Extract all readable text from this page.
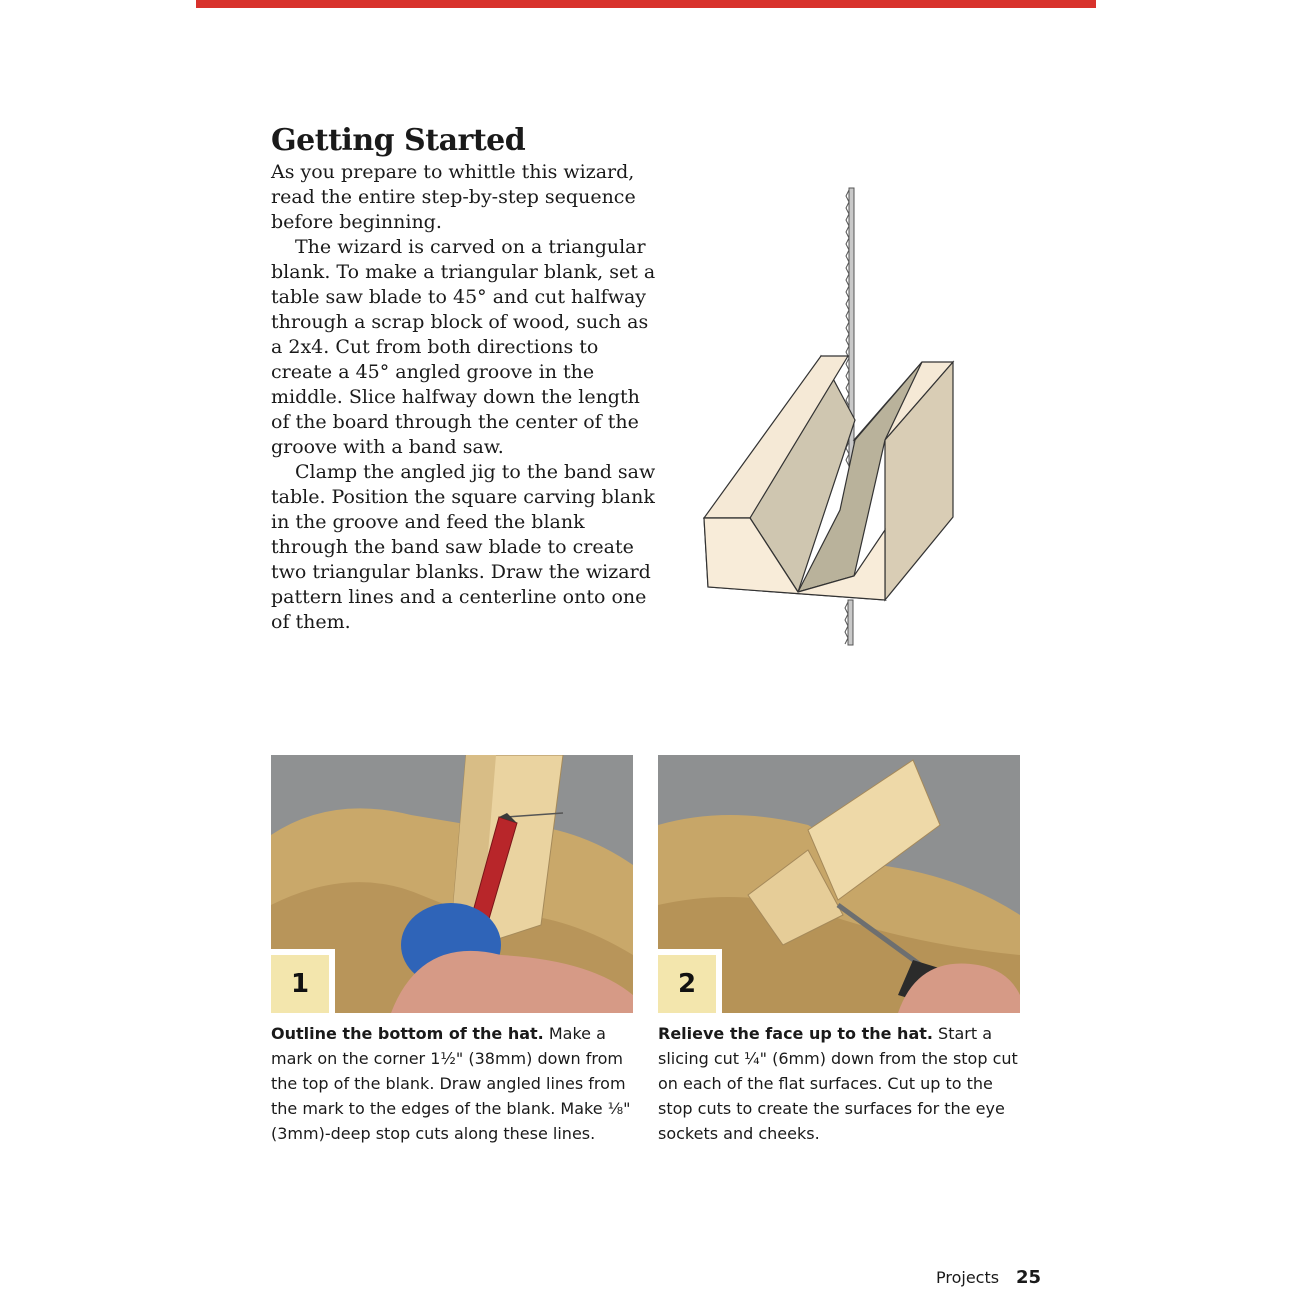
Getting Started

As you prepare to whittle this wizard, read the entire step-by-step sequence before beginning.

The wizard is carved on a triangular blank. To make a triangular blank, set a table saw blade to 45° and cut halfway through a scrap block of wood, such as a 2x4. Cut from both directions to create a 45° angled groove in the middle. Slice halfway down the length of the board through the center of the groove with a band saw.

Clamp the angled jig to the band saw table. Position the square carving blank in the groove and feed the blank through the band saw blade to create two triangular blanks. Draw the wizard pattern lines and a centerline onto one of them.

1	2
Outline the bottom of the hat. Make a mark on the corner 1½" (38mm) down from the top of the blank. Draw angled lines from the mark to the edges of the blank. Make ⅛" (3mm)-deep stop cuts along these lines.
Relieve the face up to the hat. Start a slicing cut ¼" (6mm) down from the stop cut on each of the flat surfaces. Cut up to the stop cuts to create the surfaces for the eye sockets and cheeks.
Projects 25
